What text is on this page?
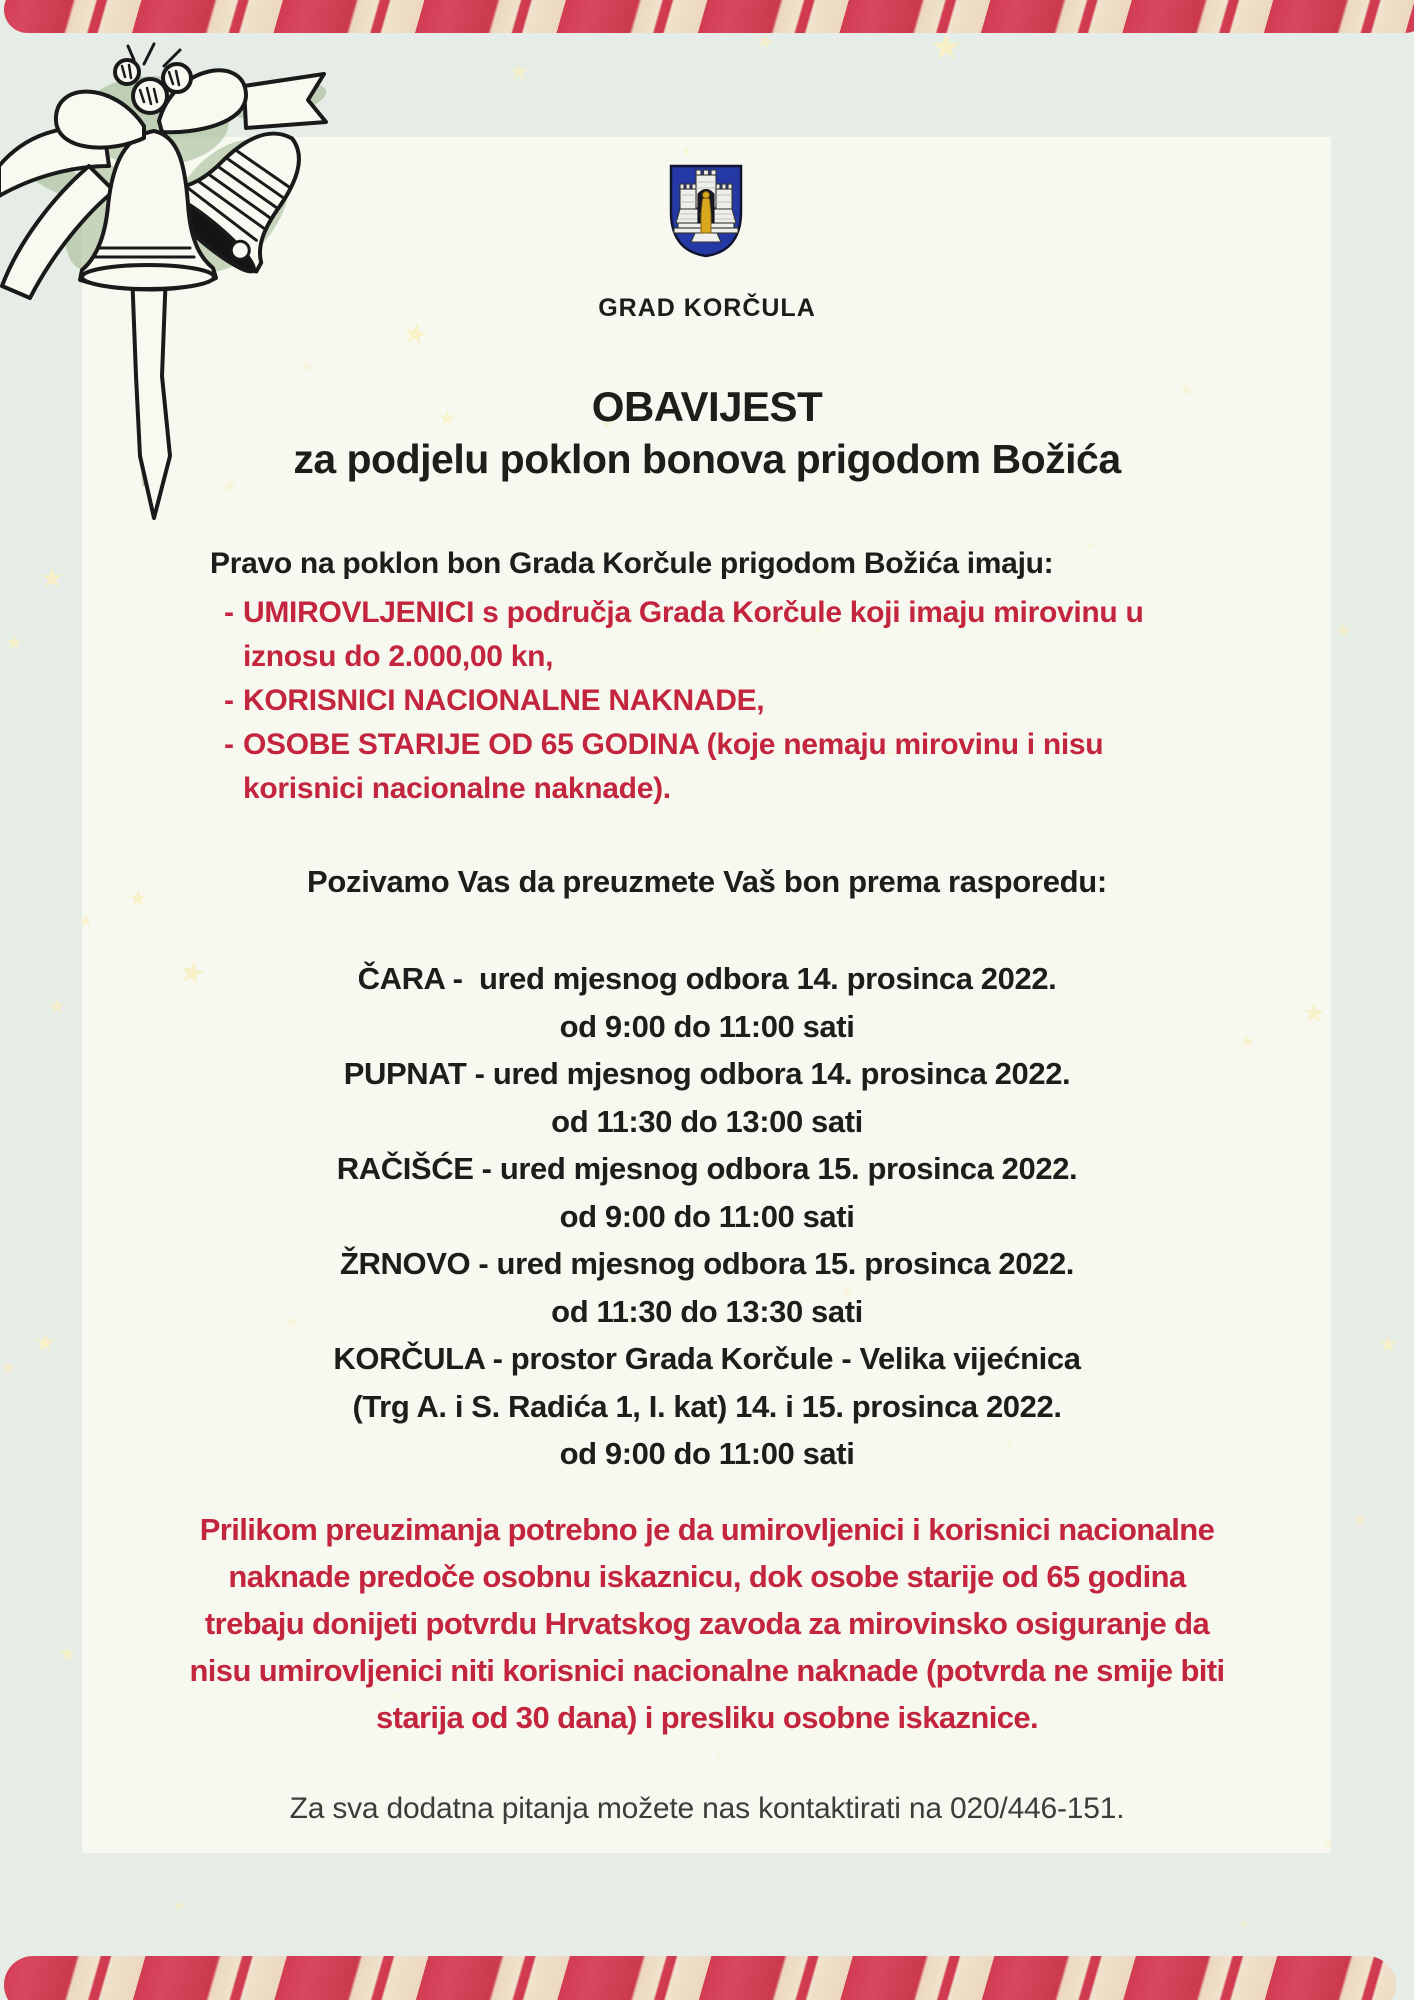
★
★
★
★
★
★
★
★
★
★
★
★
★
★
★
★
★
★
★
★
★
★
★
★
★
★
★
★
★
★
★
★
★
★
★
★
★
GRAD KORČULA
OBAVIJEST
za podjelu poklon bonova prigodom Božića
Pravo na poklon bon Grada Korčule prigodom Božića imaju:
- UMIROVLJENICI s područja Grada Korčule koji imaju mirovinu u
iznosu do 2.000,00 kn,
- KORISNICI NACIONALNE NAKNADE,
- OSOBE STARIJE OD 65 GODINA (koje nemaju mirovinu i nisu
korisnici nacionalne naknade).
Pozivamo Vas da preuzmete Vaš bon prema rasporedu:
ČARA -  ured mjesnog odbora 14. prosinca 2022.
od 9:00 do 11:00 sati
PUPNAT - ured mjesnog odbora 14. prosinca 2022.
od 11:30 do 13:00 sati
RAČIŠĆE - ured mjesnog odbora 15. prosinca 2022.
od 9:00 do 11:00 sati
ŽRNOVO - ured mjesnog odbora 15. prosinca 2022.
od 11:30 do 13:30 sati
KORČULA - prostor Grada Korčule - Velika vijećnica
(Trg A. i S. Radića 1, I. kat) 14. i 15. prosinca 2022.
od 9:00 do 11:00 sati
Prilikom preuzimanja potrebno je da umirovljenici i korisnici nacionalne
naknade predoče osobnu iskaznicu, dok osobe starije od 65 godina
trebaju donijeti potvrdu Hrvatskog zavoda za mirovinsko osiguranje da
nisu umirovljenici niti korisnici nacionalne naknade (potvrda ne smije biti
starija od 30 dana) i presliku osobne iskaznice.
Za sva dodatna pitanja možete nas kontaktirati na 020/446-151.
